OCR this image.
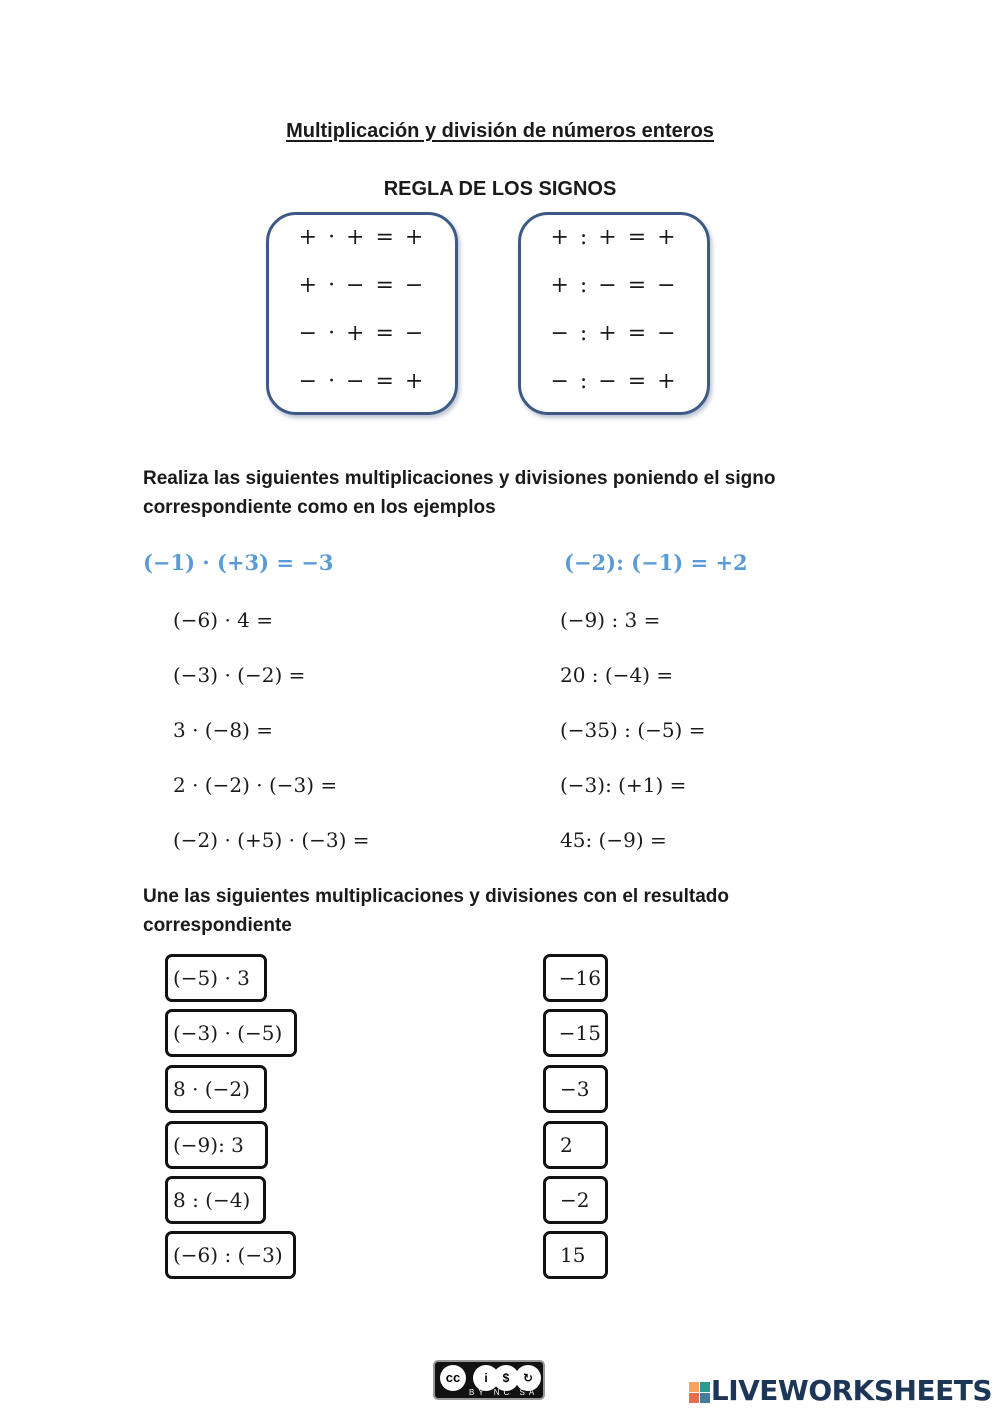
Multiplicación y división de números enteros
REGLA DE LOS SIGNOS
+ · + = +
+ · − = −
− · + = −
− · − = +
+ : + = +
+ : − = −
− : + = −
− : − = +
Realiza las siguientes multiplicaciones y divisiones poniendo el signo correspondiente como en los ejemplos
(−1) · (+3) = −3	(−2): (−1) = +2
(−6) · 4 =
(−3) · (−2) =
3 · (−8) =
2 · (−2) · (−3) =
(−2) · (+5) · (−3) =
(−9) : 3 =
20 : (−4) =
(−35) : (−5) =
(−3): (+1) =
45: (−9) =
Une las siguientes multiplicaciones y divisiones con el resultado correspondiente
(−5) · 3
(−3) · (−5)
8 · (−2)
(−9): 3
8 : (−4)
(−6) : (−3)
−16
−15
−3
2
−2
15
cc	i	$	↻
BY NC SA	LIVEWORKSHEETS
